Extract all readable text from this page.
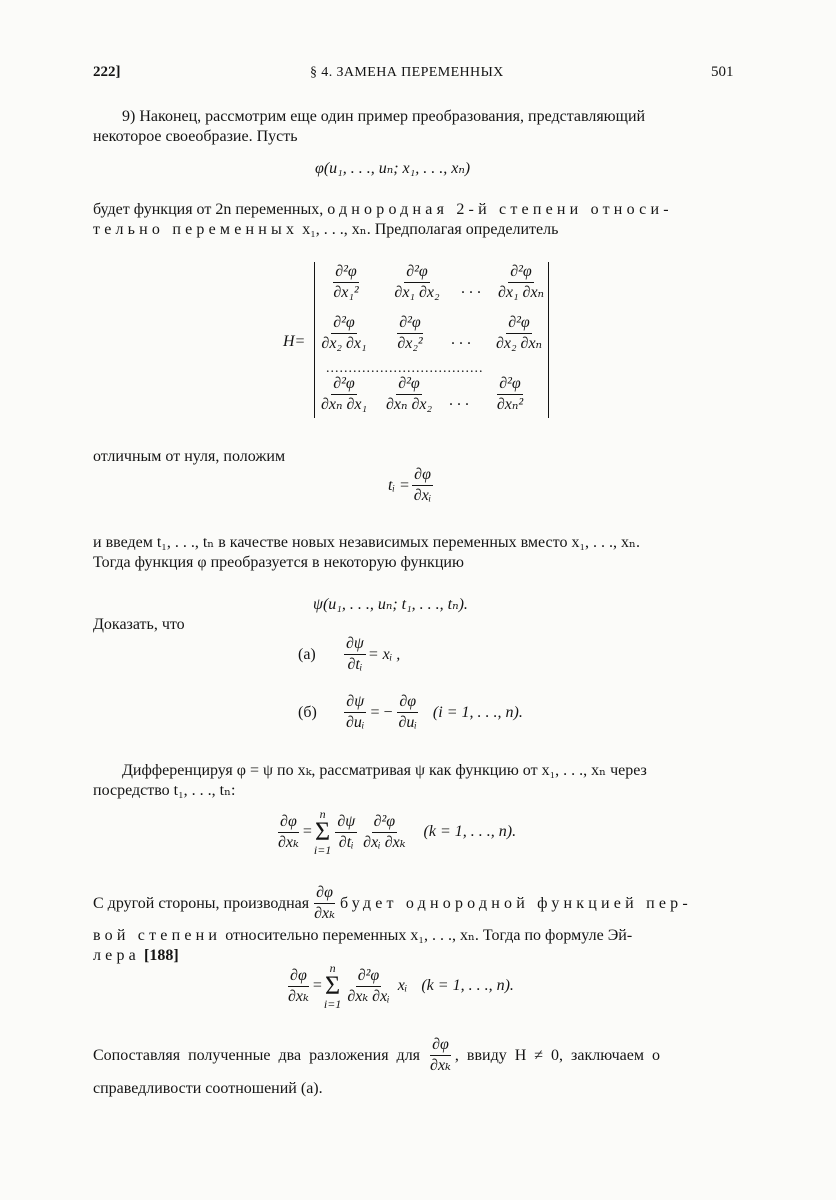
222]	§ 4. ЗАМЕНА ПЕРЕМЕННЫХ	501
9) Наконец, рассмотрим еще один пример преобразования, представляющий
некоторое своеобразие. Пусть
φ(u₁, . . ., uₙ; x₁, . . ., xₙ)
будет функция от 2n переменных, однородная 2-й степени относи-
тельно переменных x₁, . . ., xₙ. Предполагая определитель
H=
$\frac{\text{∂²φ}}{\text{∂x₁²}} \frac{\text{∂²φ}}{\text{∂x₁ ∂x₂}}$ . . . $\frac{\text{∂²φ}}{\text{∂x₁ ∂xₙ}}$
$\frac{\text{∂²φ}}{\text{∂x₂ ∂x₁}} \frac{\text{∂²φ}}{\text{∂x₂²}}$	. . .	$\frac{\text{∂²φ}}{\text{∂x₂ ∂xₙ}}$
...................................
$\frac{\text{∂²φ}}{\text{∂xₙ ∂x₁}} \frac{\text{∂²φ}}{\text{∂xₙ ∂x₂}}$ . . .	$\frac{\text{∂²φ}}{\text{∂xₙ²}}$
отличным от нуля, положим
tᵢ = $\frac{\partial\varphi}{\text{∂xᵢ}}$
и введем t₁, . . ., tₙ в качестве новых независимых переменных вместо x₁, . . ., xₙ.
Тогда функция φ преобразуется в некоторую функцию
ψ(u₁, . . ., uₙ; t₁, . . ., tₙ).
Доказать, что
(а)	$\frac{\partial\psi}{\text{∂tᵢ}}$ = xᵢ ,
(б)	$\frac{\partial\psi}{\text{∂uᵢ}}$ = − $\frac{\partial\varphi}{\text{∂uᵢ}} (i = 1$, . . ., n).
Дифференцируя φ = ψ по xₖ, рассматривая ψ как функцию от x₁, . . ., xₙ через
посредство t₁, . . ., tₙ:
$\frac{\partial\varphi}{\text{∂xₖ}}$ =
n
Σ
$i=1 \frac{\partial\psi}{\text{∂tᵢ}} \frac{\text{∂²φ}}{\text{∂xᵢ ∂xₖ}} (k = 1$, . . ., n).
С другой стороны, производная $\frac{\partial\varphi}{\text{∂xₖ}}$ будет однородной функцией пер-
вой степени относительно переменных x₁, . . ., xₙ. Тогда по формуле Эй-
лера [188]
$\frac{\partial\varphi}{\text{∂xₖ}}$ =
n
Σ
$i=1 \frac{\text{∂²φ}}{\text{∂xₖ ∂xᵢ}}$ xᵢ (k = 1, . . ., n).
Сопоставляя полученные два разложения для $\frac{\partial\varphi}{\text{∂xₖ}}$ , ввиду H ≠ 0, заключаем о
справедливости соотношений (а).
